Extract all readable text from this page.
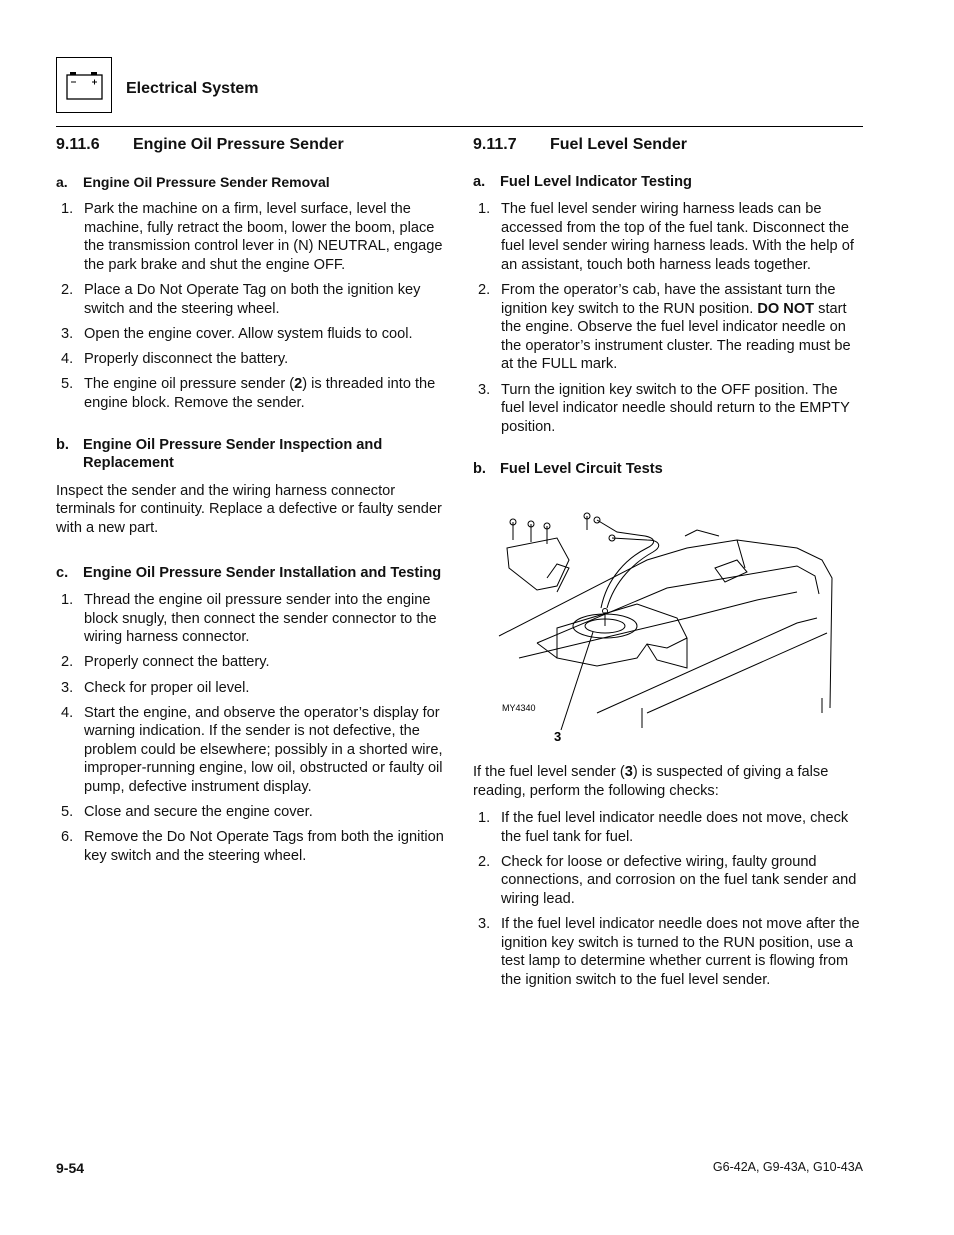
Electrical System
9.11.6	Engine Oil Pressure Sender
a.	Engine Oil Pressure Sender Removal
1. Park the machine on a firm, level surface, level the machine, fully retract the boom, lower the boom, place the transmission control lever in (N) NEUTRAL, engage the park brake and shut the engine OFF.
2. Place a Do Not Operate Tag on both the ignition key switch and the steering wheel.
3. Open the engine cover. Allow system fluids to cool.
4. Properly disconnect the battery.
5. The engine oil pressure sender (2) is threaded into the engine block. Remove the sender.
b. Engine Oil Pressure Sender Inspection and Replacement

Inspect the sender and the wiring harness connector terminals for continuity. Replace a defective or faulty sender with a new part.

c.	Engine Oil Pressure Sender Installation and Testing
1. Thread the engine oil pressure sender into the engine block snugly, then connect the sender connector to the wiring harness connector.
2. Properly connect the battery.
3. Check for proper oil level.
4. Start the engine, and observe the operator’s display for warning indication. If the sender is not defective, the problem could be elsewhere; possibly in a shorted wire, improper-running engine, low oil, obstructed or faulty oil pump, defective instrument display.
5. Close and secure the engine cover.
6. Remove the Do Not Operate Tags from both the ignition key switch and the steering wheel.
9.11.7	Fuel Level Sender
a.	Fuel Level Indicator Testing
1. The fuel level sender wiring harness leads can be accessed from the top of the fuel tank. Disconnect the fuel level sender wiring harness leads. With the help of an assistant, touch both harness leads together.
2. From the operator’s cab, have the assistant turn the ignition key switch to the RUN position. DO NOT start the engine. Observe the fuel level indicator needle on the operator’s instrument cluster. The reading must be at the FULL mark.
3. Turn the ignition key switch to the OFF position. The fuel level indicator needle should return to the EMPTY position.
b. Fuel Level Circuit Tests
MY4340
3

If the fuel level sender (3) is suspected of giving a false reading, perform the following checks:

1. If the fuel level indicator needle does not move, check the fuel tank for fuel.
2. Check for loose or defective wiring, faulty ground connections, and corrosion on the fuel tank sender and wiring lead.
3. If the fuel level indicator needle does not move after the ignition key switch is turned to the RUN position, use a test lamp to determine whether current is flowing from the ignition switch to the fuel level sender.
9-54	G6-42A, G9-43A, G10-43A
